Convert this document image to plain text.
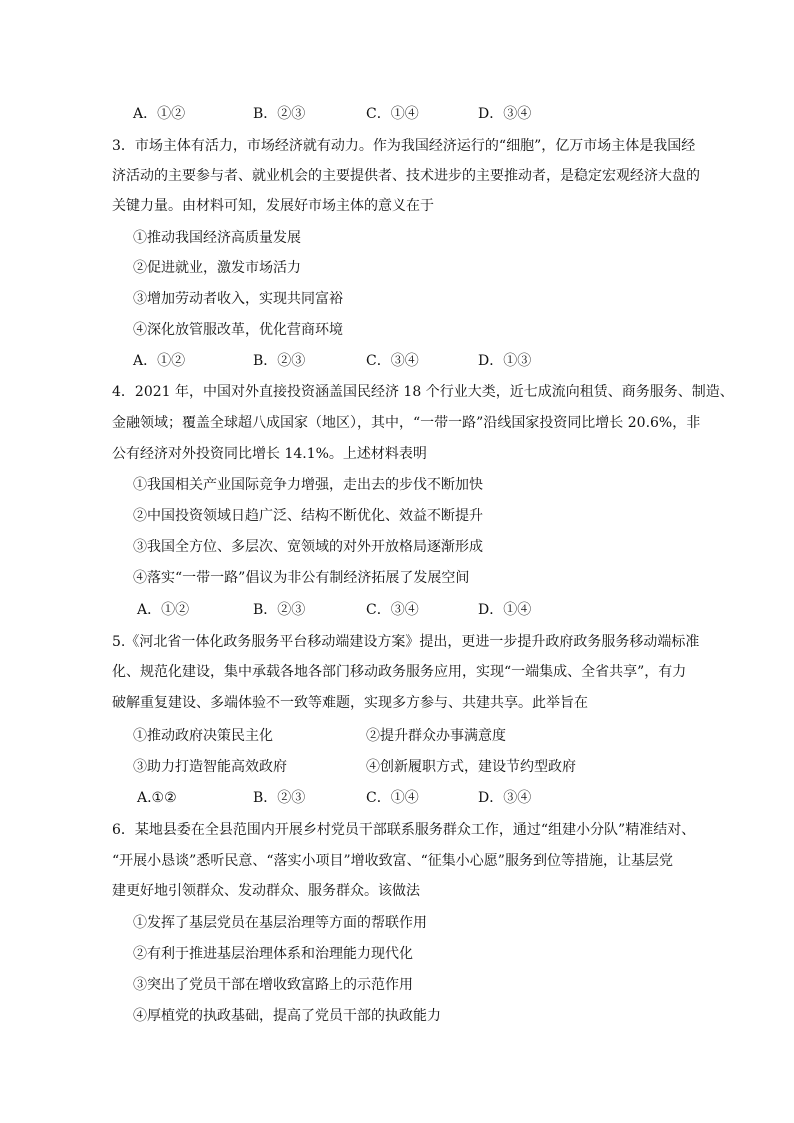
A．①②	B．②③	C．①④	D．③④
3．市场主体有活力，市场经济就有动力。作为我国经济运行的“细胞”，亿万市场主体是我国经
济活动的主要参与者、就业机会的主要提供者、技术进步的主要推动者，是稳定宏观经济大盘的
关键力量。由材料可知，发展好市场主体的意义在于
①推动我国经济高质量发展
②促进就业，激发市场活力
③增加劳动者收入，实现共同富裕
④深化放管服改革，优化营商环境
A．①②	B．②③	C．③④	D．①③
4．2021 年，中国对外直接投资涵盖国民经济 18 个行业大类，近七成流向租赁、商务服务、制造、
金融领域；覆盖全球超八成国家（地区），其中，“一带一路”沿线国家投资同比增长 20.6%，非
公有经济对外投资同比增长 14.1%。上述材料表明
①我国相关产业国际竞争力增强，走出去的步伐不断加快
②中国投资领域日趋广泛、结构不断优化、效益不断提升
③我国全方位、多层次、宽领域的对外开放格局逐渐形成
④落实“一带一路”倡议为非公有制经济拓展了发展空间
A．①②	B．②③	C．③④	D．①④
5.《河北省一体化政务服务平台移动端建设方案》提出，更进一步提升政府政务服务移动端标准
化、规范化建设，集中承载各地各部门移动政务服务应用，实现“一端集成、全省共享”，有力
破解重复建设、多端体验不一致等难题，实现多方参与、共建共享。此举旨在
①推动政府决策民主化	②提升群众办事满意度
③助力打造智能高效政府	④创新履职方式，建设节约型政府
A.①②	B．②③	C．①④	D．③④
6．某地县委在全县范围内开展乡村党员干部联系服务群众工作，通过“组建小分队”精准结对、
“开展小恳谈”悉听民意、“落实小项目”增收致富、“征集小心愿”服务到位等措施，让基层党
建更好地引领群众、发动群众、服务群众。该做法
①发挥了基层党员在基层治理等方面的帮联作用
②有利于推进基层治理体系和治理能力现代化
③突出了党员干部在增收致富路上的示范作用
④厚植党的执政基础，提高了党员干部的执政能力
